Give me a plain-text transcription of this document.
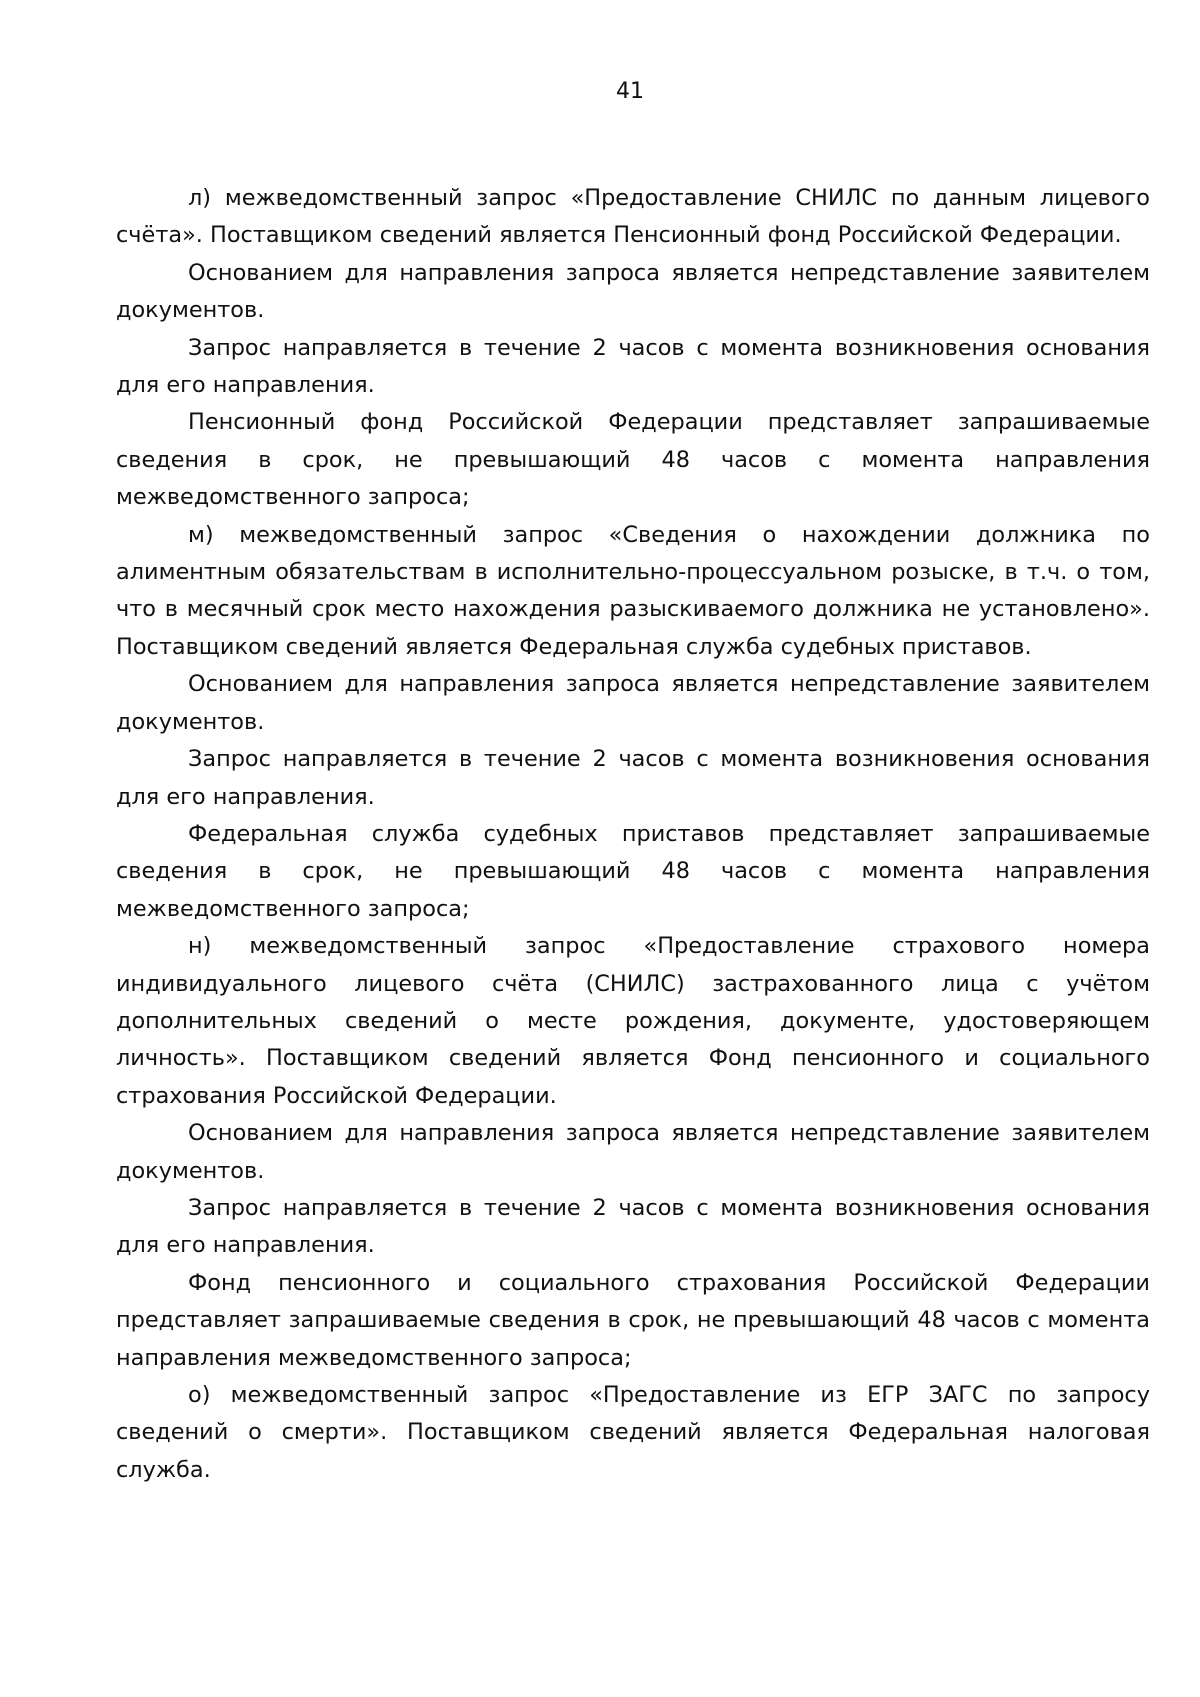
41

л) межведомственный запрос «Предоставление СНИЛС по данным лицевого счёта». Поставщиком сведений является Пенсионный фонд Российской Федерации.

Основанием для направления запроса является непредставление заявителем документов.

Запрос направляется в течение 2 часов с момента возникновения основания для его направления.

Пенсионный фонд Российской Федерации представляет запрашиваемые сведения в срок, не превышающий 48 часов с момента направления межведомственного запроса;

м) межведомственный запрос «Сведения о нахождении должника по алиментным обязательствам в исполнительно-процессуальном розыске, в т.ч. о том, что в месячный срок место нахождения разыскиваемого должника не установлено». Поставщиком сведений является Федеральная служба судебных приставов.

Основанием для направления запроса является непредставление заявителем документов.

Запрос направляется в течение 2 часов с момента возникновения основания для его направления.

Федеральная служба судебных приставов представляет запрашиваемые сведения в срок, не превышающий 48 часов с момента направления межведомственного запроса;

н) межведомственный запрос «Предоставление страхового номера индивидуального лицевого счёта (СНИЛС) застрахованного лица с учётом дополнительных сведений о месте рождения, документе, удостоверяющем личность». Поставщиком сведений является Фонд пенсионного и социального страхования Российской Федерации.

Основанием для направления запроса является непредставление заявителем документов.

Запрос направляется в течение 2 часов с момента возникновения основания для его направления.

Фонд пенсионного и социального страхования Российской Федерации представляет запрашиваемые сведения в срок, не превышающий 48 часов с момента направления межведомственного запроса;

о) межведомственный запрос «Предоставление из ЕГР ЗАГС по запросу сведений о смерти». Поставщиком сведений является Федеральная налоговая служба.
